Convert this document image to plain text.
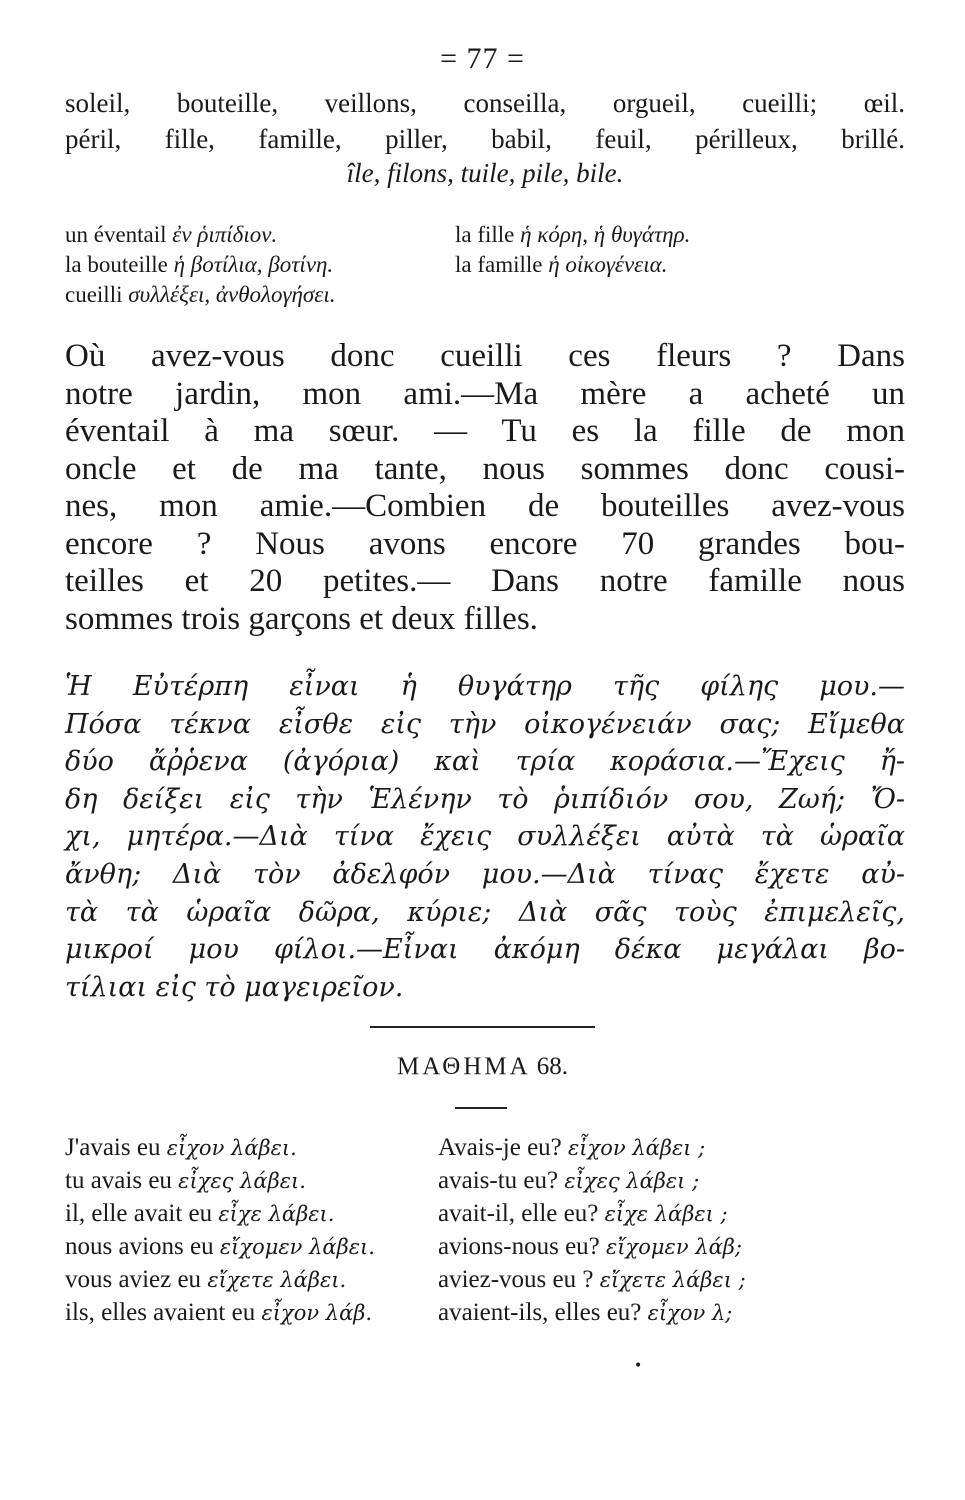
= 77 =
soleil, bouteille, veillons, conseilla, orgueil, cueilli; œil.
péril, fille, famille, piller, babil, feuil, périlleux, brillé.
île, filons, tuile, pile, bile.
un éventail ἐν ῥιπίδιον.	la fille ἡ κόρη, ἡ θυγάτηρ.
la bouteille ἡ βοτίλια, βοτίνη.	la famille ἡ οἰκογένεια.
cueilli συλλέξει, ἀνθολογήσει.
Où avez-vous donc cueilli ces fleurs ? Dans
notre jardin, mon ami.—Ma mère a acheté un
éventail à ma sœur. — Tu es la fille de mon
oncle et de ma tante, nous sommes donc cousi-
nes, mon amie.—Combien de bouteilles avez-vous
encore ? Nous avons encore 70 grandes bou-
teilles et 20 petites.— Dans notre famille nous
sommes trois garçons et deux filles.
Ἡ Εὐτέρπη εἶναι ἡ θυγάτηρ τῆς φίλης μου.—
Πόσα τέκνα εἶσθε εἰς τὴν οἰκογένειάν σας; Εἴμεθα
δύο ἄῤῥενα (ἀγόρια) καὶ τρία κοράσια.—Ἔχεις ἤ-
δη δείξει εἰς τὴν Ἑλένην τὸ ῥιπίδιόν σου, Ζωή; Ὄ-
χι, μητέρα.—Διὰ τίνα ἔχεις συλλέξει αὐτὰ τὰ ὡραῖα
ἄνθη; Διὰ τὸν ἀδελφόν μου.—Διὰ τίνας ἔχετε αὐ-
τὰ τὰ ὡραῖα δῶρα, κύριε; Διὰ σᾶς τοὺς ἐπιμελεῖς,
μικροί μου φίλοι.—Εἶναι ἀκόμη δέκα μεγάλαι βο-
τίλιαι εἰς τὸ μαγειρεῖον.
ΜΑΘΗΜΑ 68.
J'avais eu εἶχον λάβει.	Avais-je eu? εἶχον λάβει ;
tu avais eu εἶχες λάβει.	avais-tu eu? εἶχες λάβει ;
il, elle avait eu εἶχε λάβει.	avait-il, elle eu? εἶχε λάβει ;
nous avions eu εἴχομεν λάβει.	avions-nous eu? εἴχομεν λάβ;
vous aviez eu εἴχετε λάβει.	aviez-vous eu ? εἴχετε λάβει ;
ils, elles avaient eu εἶχον λάβ.	avaient-ils, elles eu? εἶχον λ;
•
